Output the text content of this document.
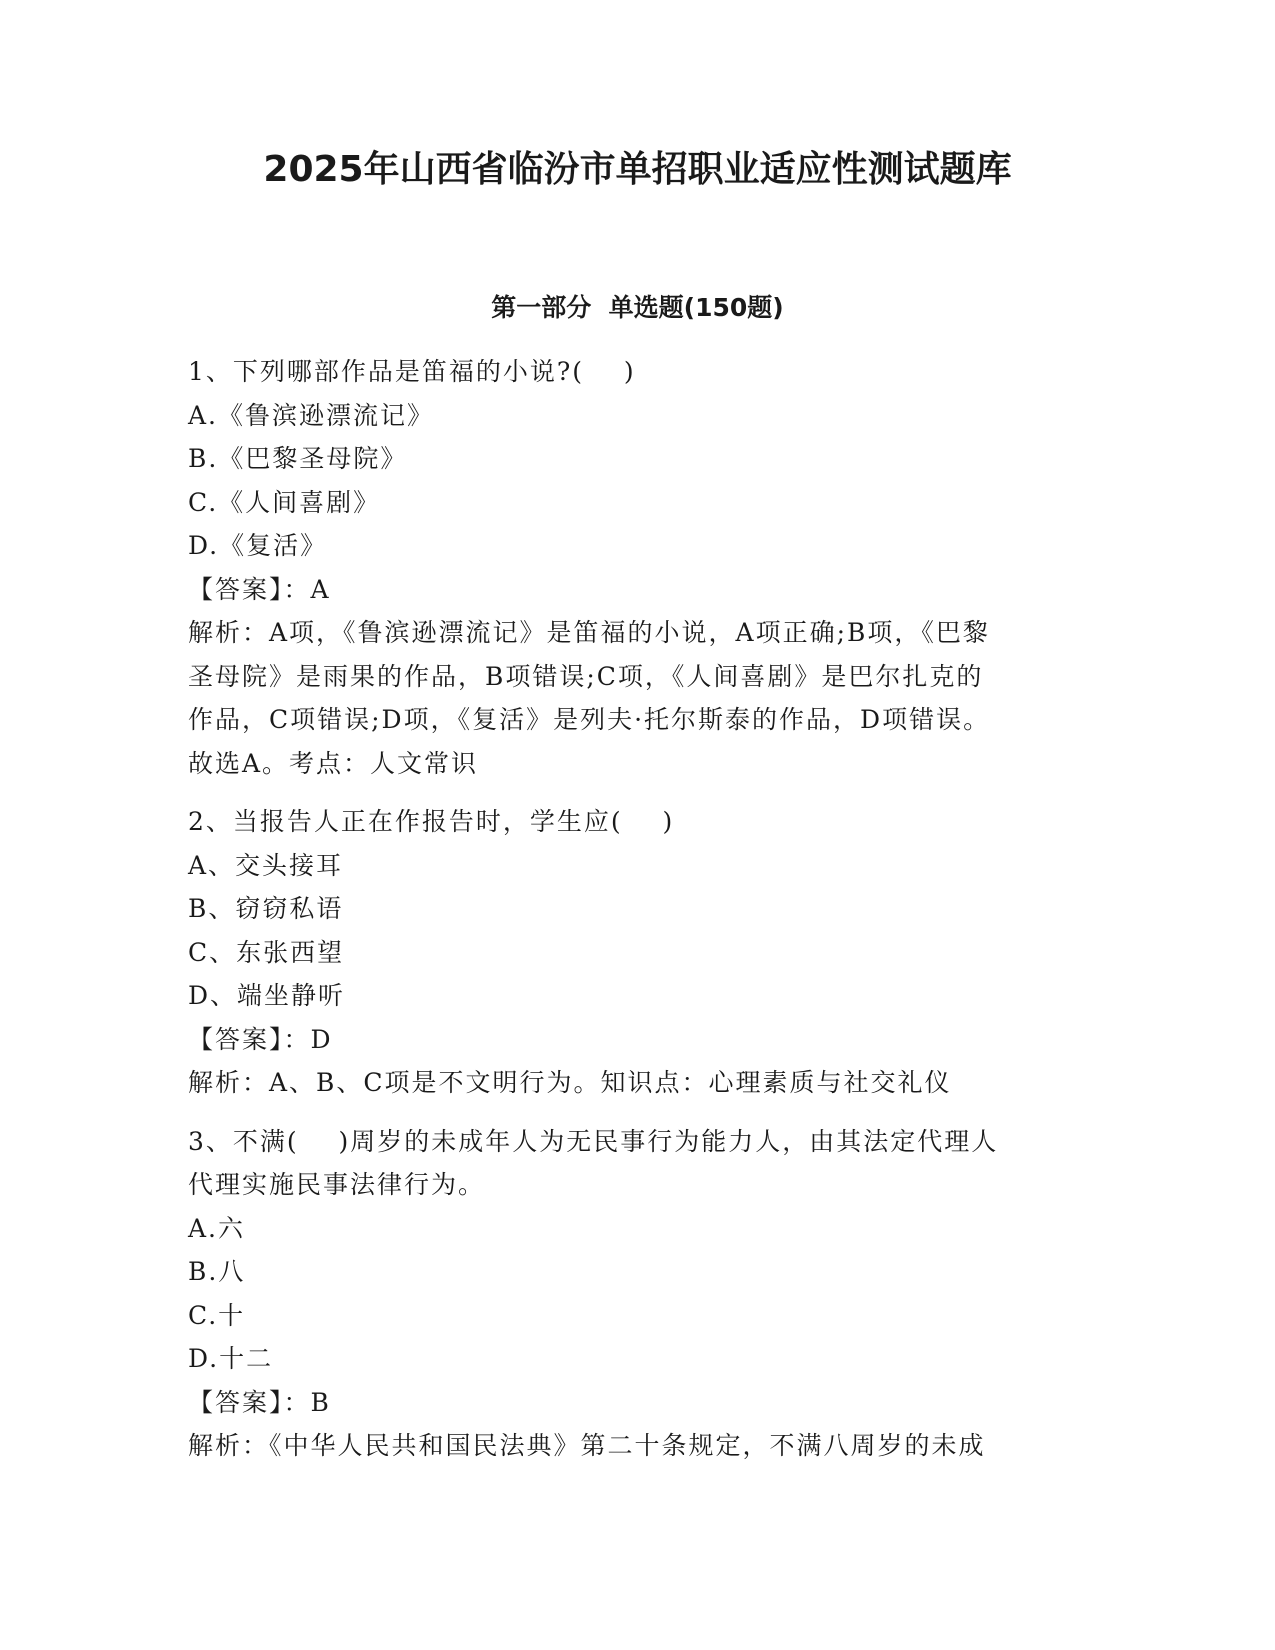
2025年山西省临汾市单招职业适应性测试题库
第一部分  单选题(150题)

1、下列哪部作品是笛福的小说?(    )

A.《鲁滨逊漂流记》

B.《巴黎圣母院》

C.《人间喜剧》

D.《复活》

【答案】：A

解析：A项，《鲁滨逊漂流记》是笛福的小说，A项正确;B项，《巴黎

圣母院》是雨果的作品，B项错误;C项，《人间喜剧》是巴尔扎克的

作品，C项错误;D项，《复活》是列夫·托尔斯泰的作品，D项错误。

故选A。考点：人文常识

2、当报告人正在作报告时，学生应(    )

A、交头接耳

B、窃窃私语

C、东张西望

D、端坐静听

【答案】：D

解析：A、B、C项是不文明行为。知识点：心理素质与社交礼仪

3、不满(    )周岁的未成年人为无民事行为能力人，由其法定代理人

代理实施民事法律行为。

A.六

B.八

C.十

D.十二

【答案】：B

解析：《中华人民共和国民法典》第二十条规定，不满八周岁的未成
